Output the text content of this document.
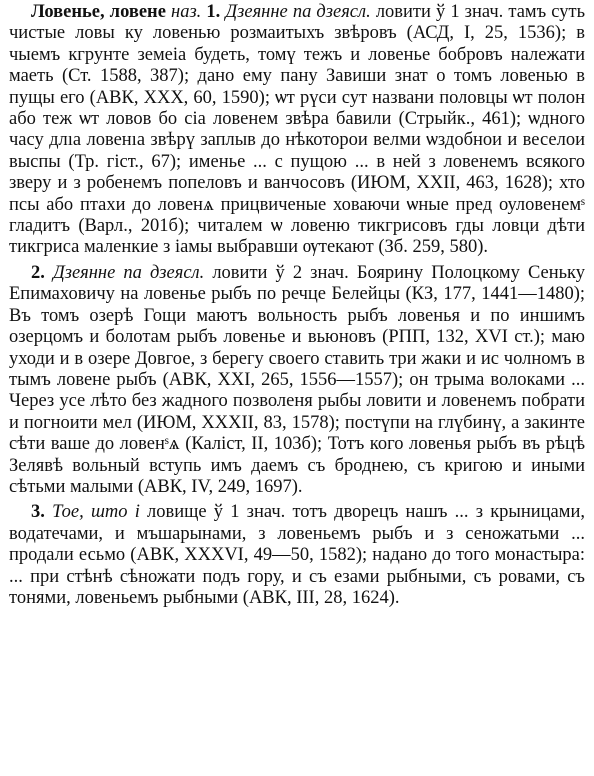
Ловенье, ловене наз. 1. Дзеянне па дзеясл. ловити ў 1 знач. тамъ суть чистые ловы ку ловенью розмаитыхъ звѣровъ (АСД, I, 25, 1536); в чыемъ кгрунте земеіа будеть, томү тежъ и ловенье бобровъ належати маеть (Ст. 1588, 387); дано ему пану Завиши знат о томъ ловенью в пущы его (АВК, XXX, 60, 1590); ѡт рүси сут названи половцы ѡт полон або теж ѡт ловов бо сіа ловенем звѣра бавили (Стрыйк., 461); ѡдного часу длıа ловенıа звѣрү заплыв до нѣкоторои велми ѡздобнои и веселои выспы (Тр. гіст., 67); именье ... с пущою ... в ней з ловенемъ всякого зверу и з робенемъ попеловъ и ванчосовъ (ИЮМ, XXII, 463, 1628); хто псы або птахи до ловенѧ прицвиченые ховаючи ѡные пред оуловенемˢ гладитъ (Варл., 201б); читалем ѡ ловеню тикгрисовъ гды ловци дѣти тикгриса маленкие з іамы выбравши ѹтекают (Зб. 259, 580).

2. Дзеянне па дзеясл. ловити ў 2 знач. Боярину Полоцкому Сеньку Епимаховичу на ловенье рыбъ по речце Белейцы (КЗ, 177, 1441—1480); Въ томъ озерѣ Гощи маютъ вольность рыбъ ловенья и по иншимъ озерцомъ и болотам рыбъ ловенье и вьюновъ (РПП, 132, XVI ст.); маю уходи и в озере Довгое, з берегу своего ставить три жаки и ис чолномъ в тымъ ловене рыбъ (АВК, XXI, 265, 1556—1557); он трыма волоками ... Через усе лѣто без жадного позволеня рыбы ловити и ловенемъ побрати и погноити мел (ИЮМ, XXXII, 83, 1578); постүпи на глүбинү, а закинте сѣти ваше до ловенˢѧ (Калiст, II, 103б); Тотъ кого ловенья рыбъ въ рѣцѣ Зелявѣ вольный вступь имъ даемъ съ броднею, съ кригою и иными сѣтьми малыми (АВК, IV, 249, 1697).

3. Тое, што і ловище ў 1 знач. тотъ дворецъ нашъ ... з крыницами, водатечами, и мъшарынами, з ловеньемъ рыбъ и з сеножатьми ... продали есьмо (АВК, XXXVI, 49—50, 1582); надано до того монастыра: ... при стѣнѣ сѣножати подъ гору, и съ езами рыбными, съ ровами, съ тонями, ловеньемъ рыбными (АВК, III, 28, 1624).
